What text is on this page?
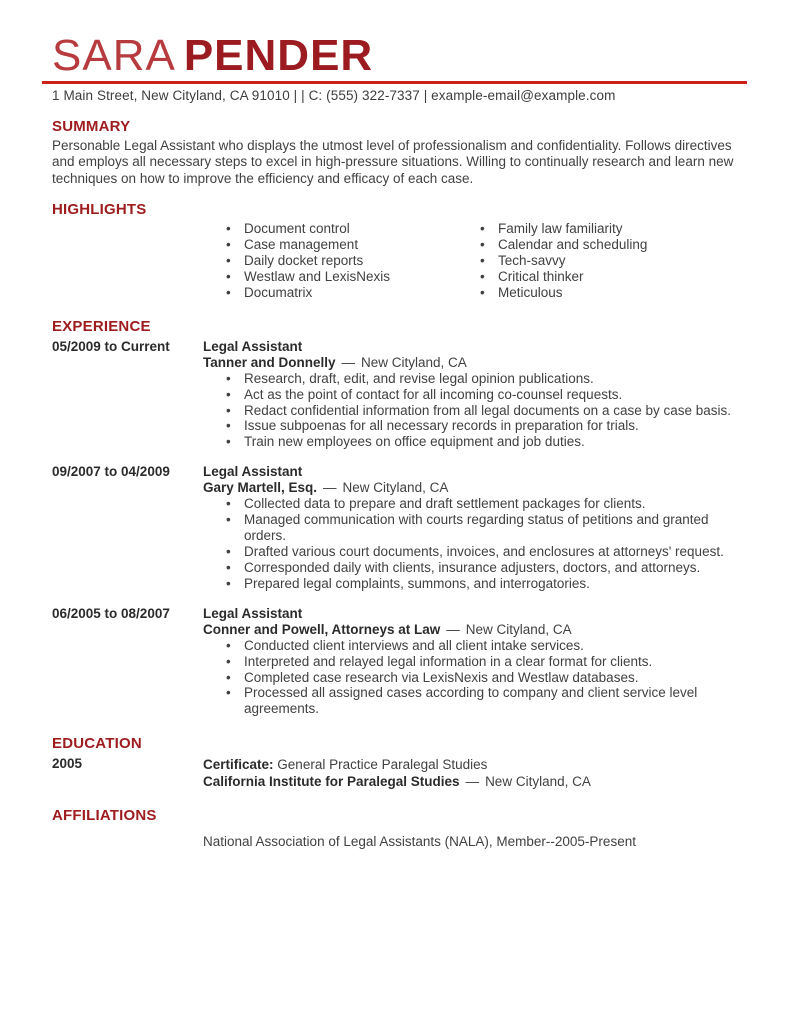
SARA PENDER
1 Main Street, New Cityland, CA 91010 | | C: (555) 322-7337 | example-email@example.com
SUMMARY
Personable Legal Assistant who displays the utmost level of professionalism and confidentiality. Follows directives and employs all necessary steps to excel in high-pressure situations. Willing to continually research and learn new techniques on how to improve the efficiency and efficacy of each case.
HIGHLIGHTS
• Document control
• Case management
• Daily docket reports
• Westlaw and LexisNexis
• Documatrix
• Family law familiarity
• Calendar and scheduling
• Tech-savvy
• Critical thinker
• Meticulous
EXPERIENCE
05/2009 to Current	Legal Assistant
Tanner and Donnelly — New Cityland, CA
• Research, draft, edit, and revise legal opinion publications.
• Act as the point of contact for all incoming co-counsel requests.
• Redact confidential information from all legal documents on a case by case basis.
• Issue subpoenas for all necessary records in preparation for trials.
• Train new employees on office equipment and job duties.
09/2007 to 04/2009	Legal Assistant
Gary Martell, Esq. — New Cityland, CA
• Collected data to prepare and draft settlement packages for clients.
• Managed communication with courts regarding status of petitions and granted orders.
• Drafted various court documents, invoices, and enclosures at attorneys' request.
• Corresponded daily with clients, insurance adjusters, doctors, and attorneys.
• Prepared legal complaints, summons, and interrogatories.
06/2005 to 08/2007	Legal Assistant
Conner and Powell, Attorneys at Law — New Cityland, CA
• Conducted client interviews and all client intake services.
• Interpreted and relayed legal information in a clear format for clients.
• Completed case research via LexisNexis and Westlaw databases.
• Processed all assigned cases according to company and client service level agreements.
EDUCATION
2005	Certificate: General Practice Paralegal Studies
California Institute for Paralegal Studies — New Cityland, CA
AFFILIATIONS
National Association of Legal Assistants (NALA), Member--2005-Present
